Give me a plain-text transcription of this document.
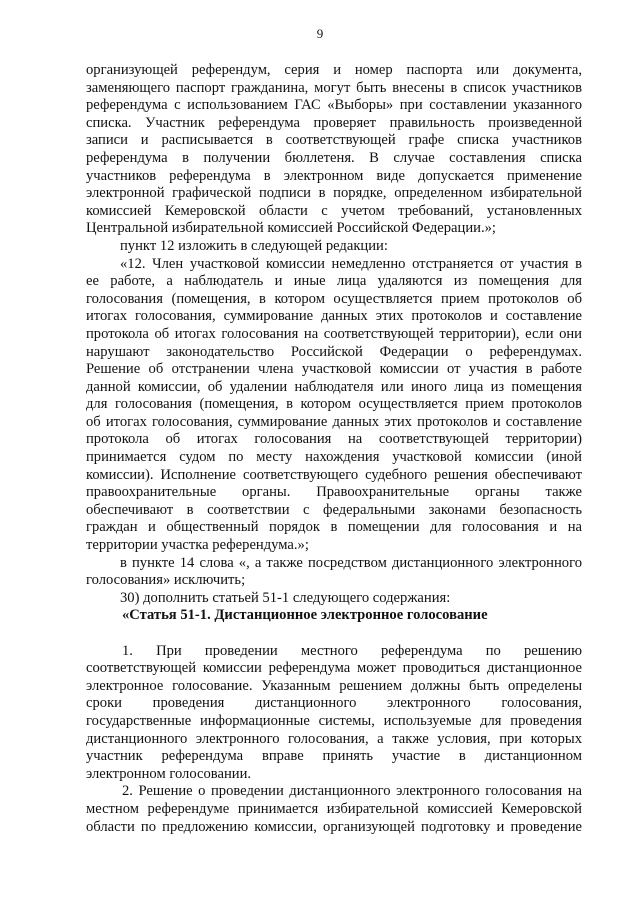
9

организующей референдум, серия и номер паспорта или документа,

заменяющего паспорт гражданина, могут быть внесены в список участников

референдума с использованием ГАС «Выборы» при составлении указанного

списка. Участник референдума проверяет правильность произведенной

записи и расписывается в соответствующей графе списка участников

референдума в получении бюллетеня. В случае составления списка

участников референдума в электронном виде допускается применение

электронной графической подписи в порядке, определенном избирательной

комиссией Кемеровской области с учетом требований, установленных

Центральной избирательной комиссией Российской Федерации.»;

пункт 12 изложить в следующей редакции:

«12. Член участковой комиссии немедленно отстраняется от участия в

ее работе, а наблюдатель и иные лица удаляются из помещения для

голосования (помещения, в котором осуществляется прием протоколов об

итогах голосования, суммирование данных этих протоколов и составление

протокола об итогах голосования на соответствующей территории), если они

нарушают законодательство Российской Федерации о референдумах.

Решение об отстранении члена участковой комиссии от участия в работе

данной комиссии, об удалении наблюдателя или иного лица из помещения

для голосования (помещения, в котором осуществляется прием протоколов

об итогах голосования, суммирование данных этих протоколов и составление

протокола об итогах голосования на соответствующей территории)

принимается судом по месту нахождения участковой комиссии (иной

комиссии). Исполнение соответствующего судебного решения обеспечивают

правоохранительные органы. Правоохранительные органы также

обеспечивают в соответствии с федеральными законами безопасность

граждан и общественный порядок в помещении для голосования и на

территории участка референдума.»;

в пункте 14 слова «, а также посредством дистанционного электронного

голосования» исключить;

30) дополнить статьей 51-1 следующего содержания:

«Статья 51-1. Дистанционное электронное голосование

1. При проведении местного референдума по решению

соответствующей комиссии референдума может проводиться дистанционное

электронное голосование. Указанным решением должны быть определены

сроки проведения дистанционного электронного голосования,

государственные информационные системы, используемые для проведения

дистанционного электронного голосования, а также условия, при которых

участник референдума вправе принять участие в дистанционном

электронном голосовании.

2. Решение о проведении дистанционного электронного голосования на

местном референдуме принимается избирательной комиссией Кемеровской

области по предложению комиссии, организующей подготовку и проведение
